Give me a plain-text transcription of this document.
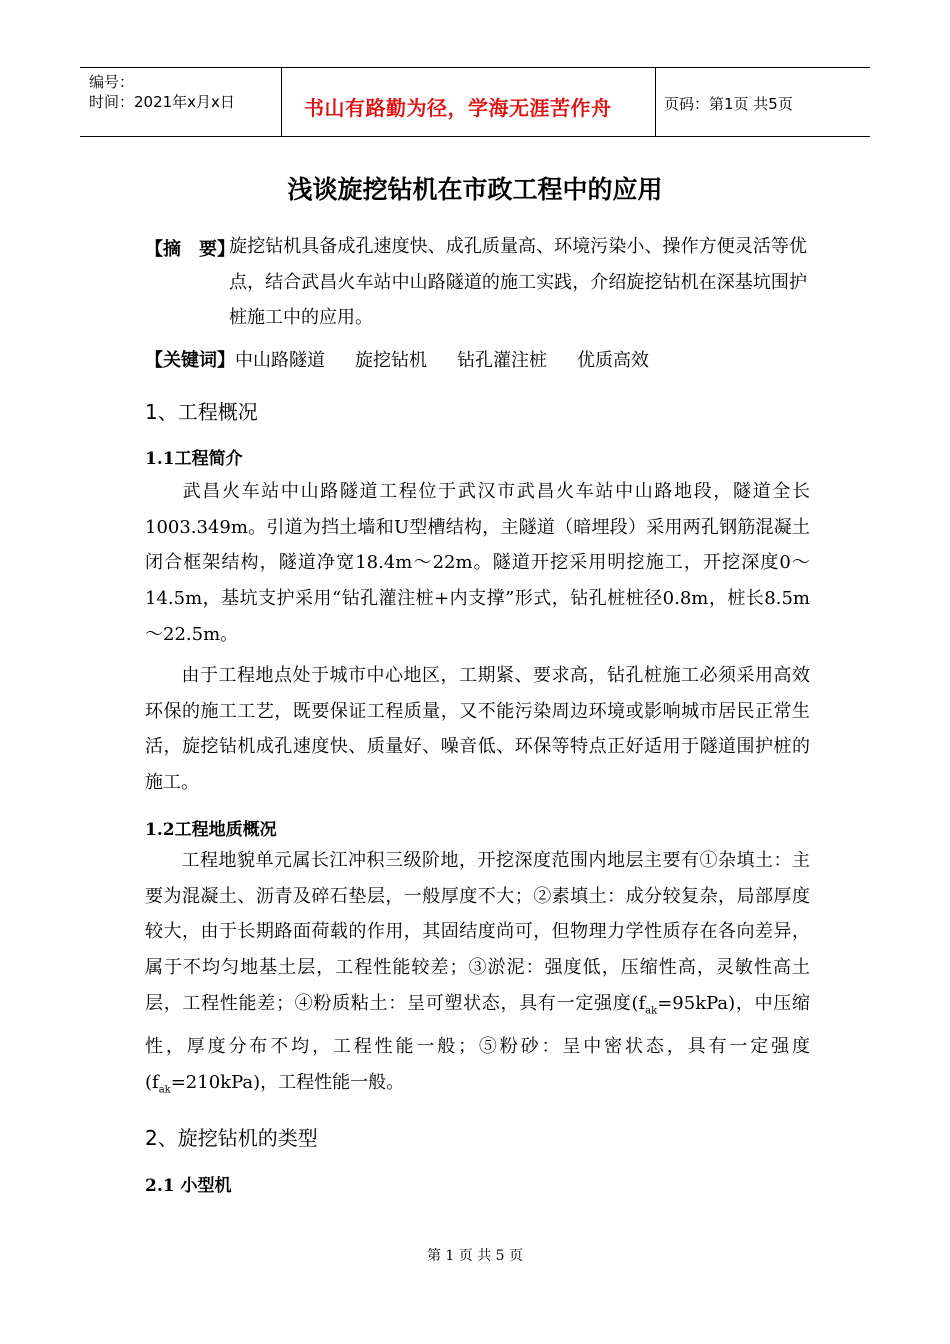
编号：
时间：2021年x月x日	书山有路勤为径，学海无涯苦作舟	页码：第1页 共5页
浅谈旋挖钻机在市政工程中的应用
【摘　要】
旋挖钻机具备成孔速度快、成孔质量高、环境污染小、操作方便灵活等优点，结合武昌火车站中山路隧道的施工实践，介绍旋挖钻机在深基坑围护桩施工中的应用。
【关键词】中山路隧道 旋挖钻机 钻孔灌注桩 优质高效
1、工程概况
1.1工程简介
武昌火车站中山路隧道工程位于武汉市武昌火车站中山路地段，隧道全长1003.349m。引道为挡土墙和U型槽结构，主隧道（暗埋段）采用两孔钢筋混凝土闭合框架结构，隧道净宽18.4m～22m。隧道开挖采用明挖施工，开挖深度0～14.5m，基坑支护采用“钻孔灌注桩+内支撑”形式，钻孔桩桩径0.8m，桩长8.5m～22.5m。
由于工程地点处于城市中心地区，工期紧、要求高，钻孔桩施工必须采用高效环保的施工工艺，既要保证工程质量，又不能污染周边环境或影响城市居民正常生活，旋挖钻机成孔速度快、质量好、噪音低、环保等特点正好适用于隧道围护桩的施工。
1.2工程地质概况
工程地貌单元属长江冲积三级阶地，开挖深度范围内地层主要有①杂填土：主要为混凝土、沥青及碎石垫层，一般厚度不大；②素填土：成分较复杂，局部厚度较大，由于长期路面荷载的作用，其固结度尚可，但物理力学性质存在各向差异，属于不均匀地基土层，工程性能较差；③淤泥：强度低，压缩性高，灵敏性高土层，工程性能差；④粉质粘土：呈可塑状态，具有一定强度$(f_{ak}=95kPa)$，中压缩性，厚度分布不均，工程性能一般；⑤粉砂：呈中密状态，具有一定强度$(f_{ak}=210kPa)$，工程性能一般。
2、旋挖钻机的类型
2.1 小型机
第 1 页 共 5 页
